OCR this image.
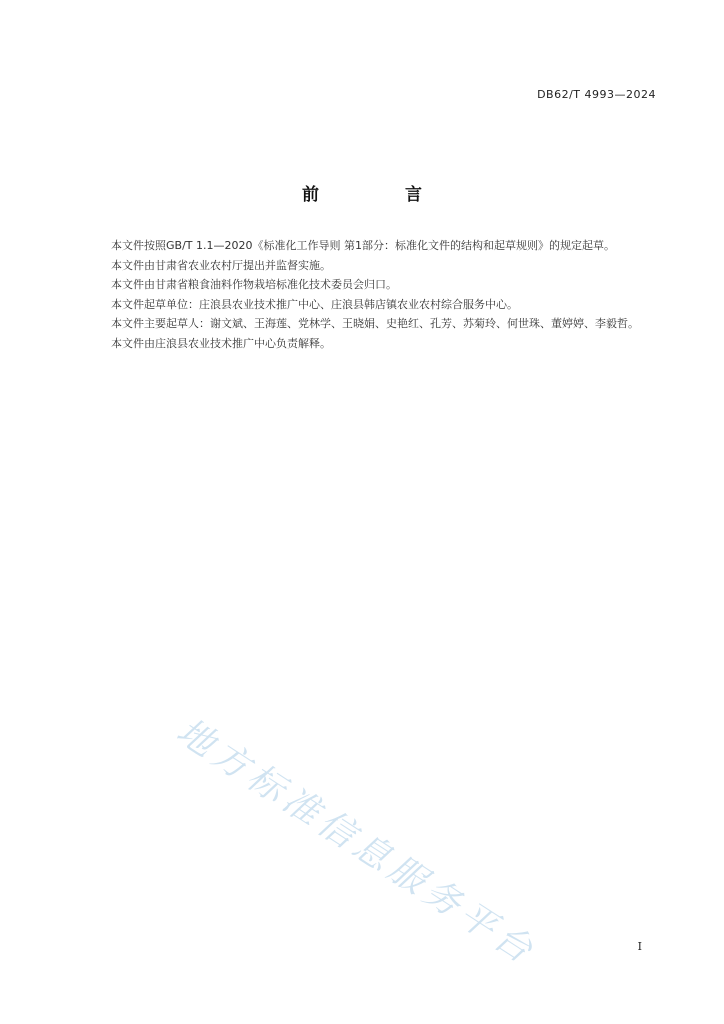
DB62/T 4993—2024
前 言

本文件按照GB/T 1.1—2020《标准化工作导则 第1部分：标准化文件的结构和起草规则》的规定起草。

本文件由甘肃省农业农村厅提出并监督实施。

本文件由甘肃省粮食油料作物栽培标准化技术委员会归口。

本文件起草单位：庄浪县农业技术推广中心、庄浪县韩店镇农业农村综合服务中心。

本文件主要起草人：谢文斌、王海莲、党林学、王晓娟、史艳红、孔芳、苏菊玲、何世珠、董婷婷、李毅哲。

本文件由庄浪县农业技术推广中心负责解释。

地方标准信息服务平台	I
